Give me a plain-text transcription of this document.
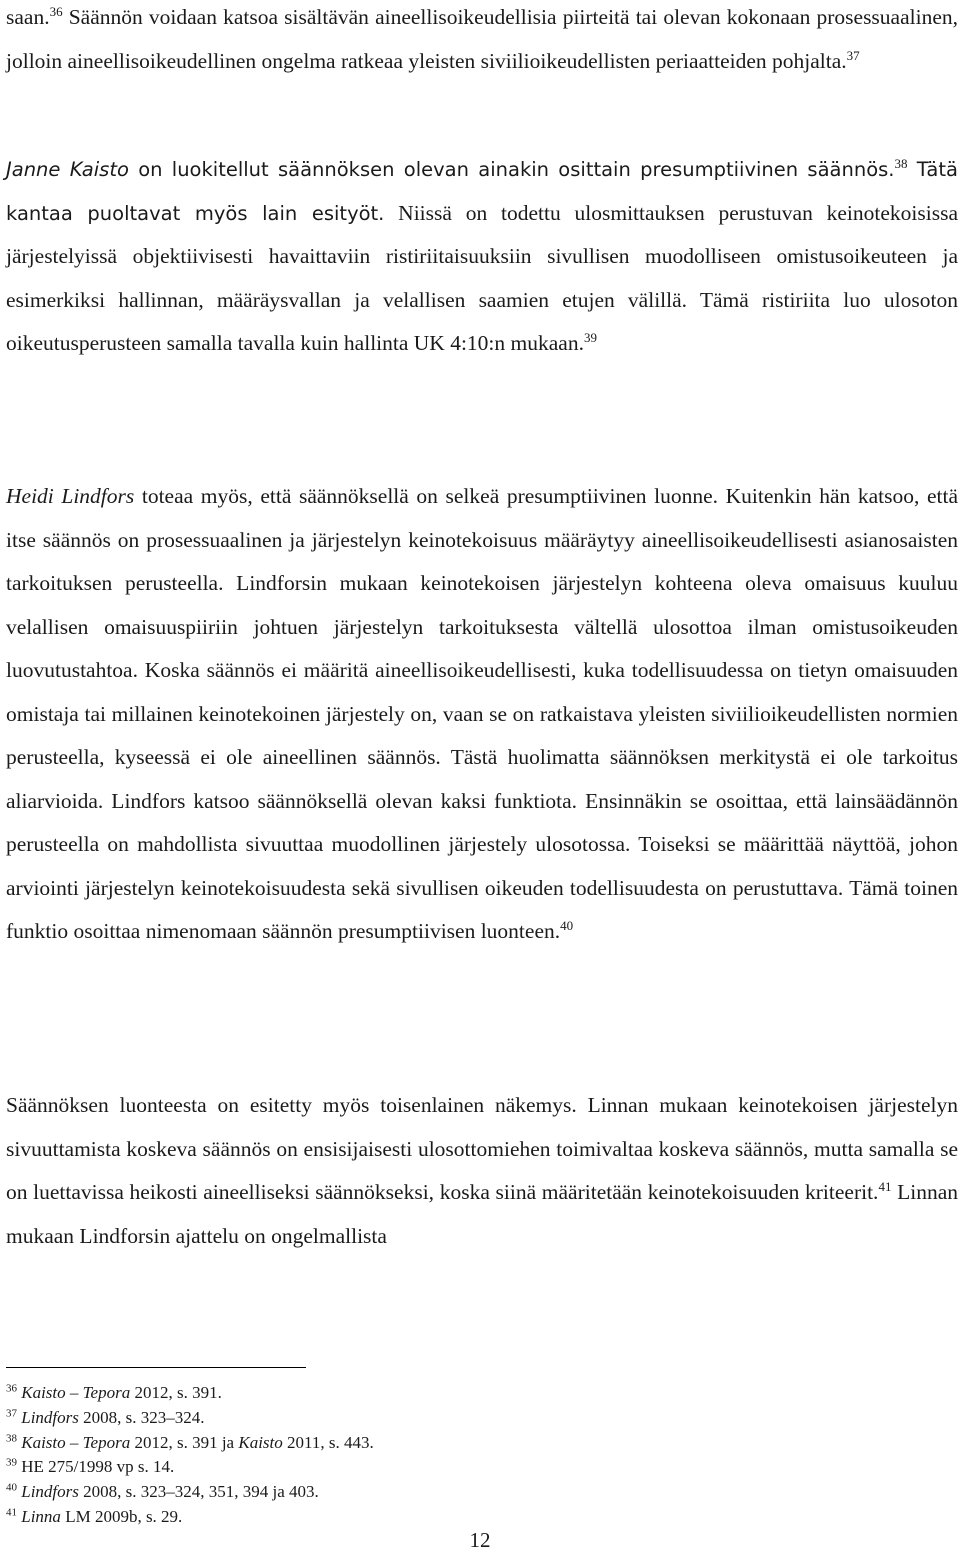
saan.$^{36}$ Säännön voidaan katsoa sisältävän aineellisoikeudellisia piirteitä tai olevan kokonaan prosessuaalinen, jolloin aineellisoikeudellinen ongelma ratkeaa yleisten siviilioikeudellisten periaatteiden pohjalta.$^{37}$

Janne Kaisto on luokitellut säännöksen olevan ainakin osittain presumptiivinen säännös.$^{38}$ Tätä kantaa puoltavat myös lain esityöt. Niissä on todettu ulosmittauksen perustuvan keinotekoisissa järjestelyissä objektiivisesti havaittaviin ristiriitaisuuksiin sivullisen muodolliseen omistusoikeuteen ja esimerkiksi hallinnan, määräysvallan ja velallisen saamien etujen välillä. Tämä ristiriita luo ulosoton oikeutusperusteen samalla tavalla kuin hallinta UK 4:10:n mukaan.$^{39}$

Heidi Lindfors toteaa myös, että säännöksellä on selkeä presumptiivinen luonne. Kuitenkin hän katsoo, että itse säännös on prosessuaalinen ja järjestelyn keinotekoisuus määräytyy aineellisoikeudellisesti asianosaisten tarkoituksen perusteella. Lindforsin mukaan keinotekoisen järjestelyn kohteena oleva omaisuus kuuluu velallisen omaisuuspiiriin johtuen järjestelyn tarkoituksesta vältellä ulosottoa ilman omistusoikeuden luovutustahtoa. Koska säännös ei määritä aineellisoikeudellisesti, kuka todellisuudessa on tietyn omaisuuden omistaja tai millainen keinotekoinen järjestely on, vaan se on ratkaistava yleisten siviilioikeudellisten normien perusteella, kyseessä ei ole aineellinen säännös. Tästä huolimatta säännöksen merkitystä ei ole tarkoitus aliarvioida. Lindfors katsoo säännöksellä olevan kaksi funktiota. Ensinnäkin se osoittaa, että lainsäädännön perusteella on mahdollista sivuuttaa muodollinen järjestely ulosotossa. Toiseksi se määrittää näyttöä, johon arviointi järjestelyn keinotekoisuudesta sekä sivullisen oikeuden todellisuudesta on perustuttava. Tämä toinen funktio osoittaa nimenomaan säännön presumptiivisen luonteen.$^{40}$

Säännöksen luonteesta on esitetty myös toisenlainen näkemys. Linnan mukaan keinotekoisen järjestelyn sivuuttamista koskeva säännös on ensisijaisesti ulosottomiehen toimivaltaa koskeva säännös, mutta samalla se on luettavissa heikosti aineelliseksi säännökseksi, koska siinä määritetään keinotekoisuuden kriteerit.$^{41}$ Linnan mukaan Lindforsin ajattelu on ongelmallista

$^{36}$ Kaisto – Tepora 2012, s. 391.
$^{37}$ Lindfors 2008, s. 323–324.
$^{38}$ Kaisto – Tepora 2012, s. 391 ja Kaisto 2011, s. 443.
$^{39}$ HE 275/1998 vp s. 14.
$^{40}$ Lindfors 2008, s. 323–324, 351, 394 ja 403.
$^{41}$ Linna LM 2009b, s. 29.
12
